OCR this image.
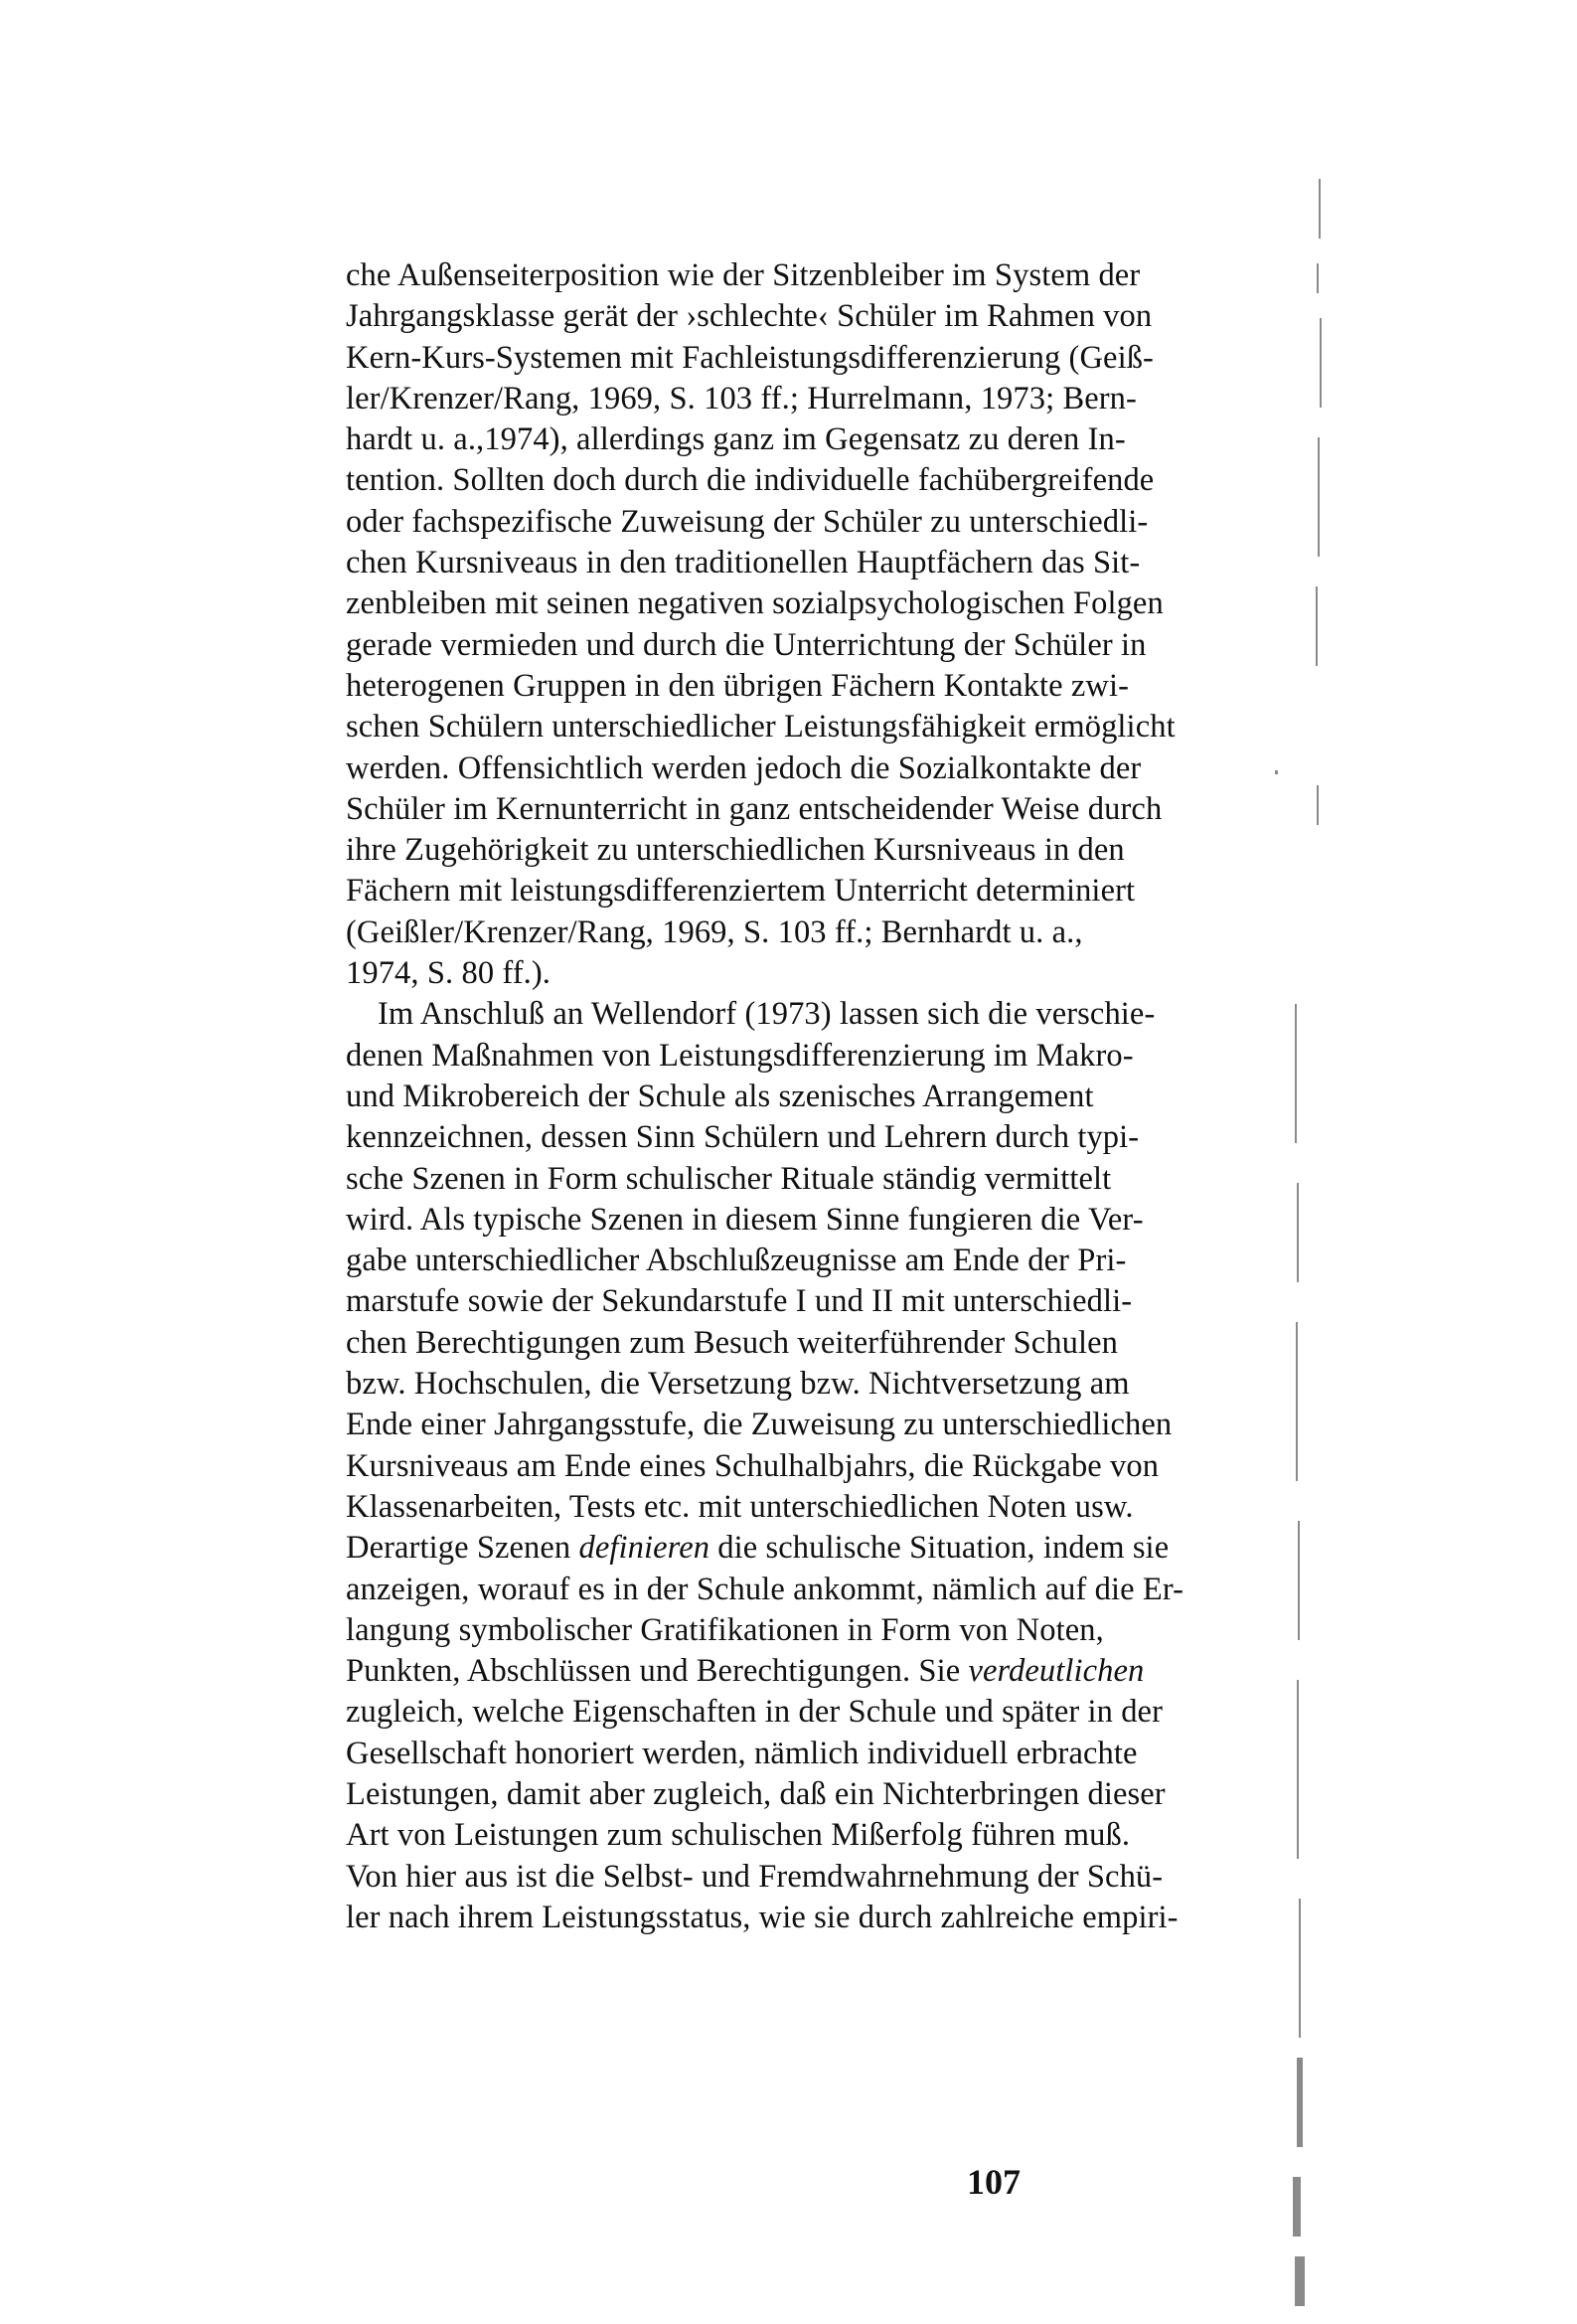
che Außenseiterposition wie der Sitzenbleiber im System der
Jahrgangsklasse gerät der ›schlechte‹ Schüler im Rahmen von
Kern-Kurs-Systemen mit Fachleistungsdifferenzierung (Geiß-
ler/Krenzer/Rang, 1969, S. 103 ff.; Hurrelmann, 1973; Bern-
hardt u. a.,1974), allerdings ganz im Gegensatz zu deren In-
tention. Sollten doch durch die individuelle fachübergreifende
oder fachspezifische Zuweisung der Schüler zu unterschiedli-
chen Kursniveaus in den traditionellen Hauptfächern das Sit-
zenbleiben mit seinen negativen sozialpsychologischen Folgen
gerade vermieden und durch die Unterrichtung der Schüler in
heterogenen Gruppen in den übrigen Fächern Kontakte zwi-
schen Schülern unterschiedlicher Leistungsfähigkeit ermöglicht
werden. Offensichtlich werden jedoch die Sozialkontakte der
Schüler im Kernunterricht in ganz entscheidender Weise durch
ihre Zugehörigkeit zu unterschiedlichen Kursniveaus in den
Fächern mit leistungsdifferenziertem Unterricht determiniert
(Geißler/Krenzer/Rang, 1969, S. 103 ff.; Bernhardt u. a.,
1974, S. 80 ff.).
Im Anschluß an Wellendorf (1973) lassen sich die verschie-
denen Maßnahmen von Leistungsdifferenzierung im Makro-
und Mikrobereich der Schule als szenisches Arrangement
kennzeichnen, dessen Sinn Schülern und Lehrern durch typi-
sche Szenen in Form schulischer Rituale ständig vermittelt
wird. Als typische Szenen in diesem Sinne fungieren die Ver-
gabe unterschiedlicher Abschlußzeugnisse am Ende der Pri-
marstufe sowie der Sekundarstufe I und II mit unterschiedli-
chen Berechtigungen zum Besuch weiterführender Schulen
bzw. Hochschulen, die Versetzung bzw. Nichtversetzung am
Ende einer Jahrgangsstufe, die Zuweisung zu unterschiedlichen
Kursniveaus am Ende eines Schulhalbjahrs, die Rückgabe von
Klassenarbeiten, Tests etc. mit unterschiedlichen Noten usw.
Derartige Szenen definieren die schulische Situation, indem sie
anzeigen, worauf es in der Schule ankommt, nämlich auf die Er-
langung symbolischer Gratifikationen in Form von Noten,
Punkten, Abschlüssen und Berechtigungen. Sie verdeutlichen
zugleich, welche Eigenschaften in der Schule und später in der
Gesellschaft honoriert werden, nämlich individuell erbrachte
Leistungen, damit aber zugleich, daß ein Nichterbringen dieser
Art von Leistungen zum schulischen Mißerfolg führen muß.
Von hier aus ist die Selbst- und Fremdwahrnehmung der Schü-
ler nach ihrem Leistungsstatus, wie sie durch zahlreiche empiri-
107
